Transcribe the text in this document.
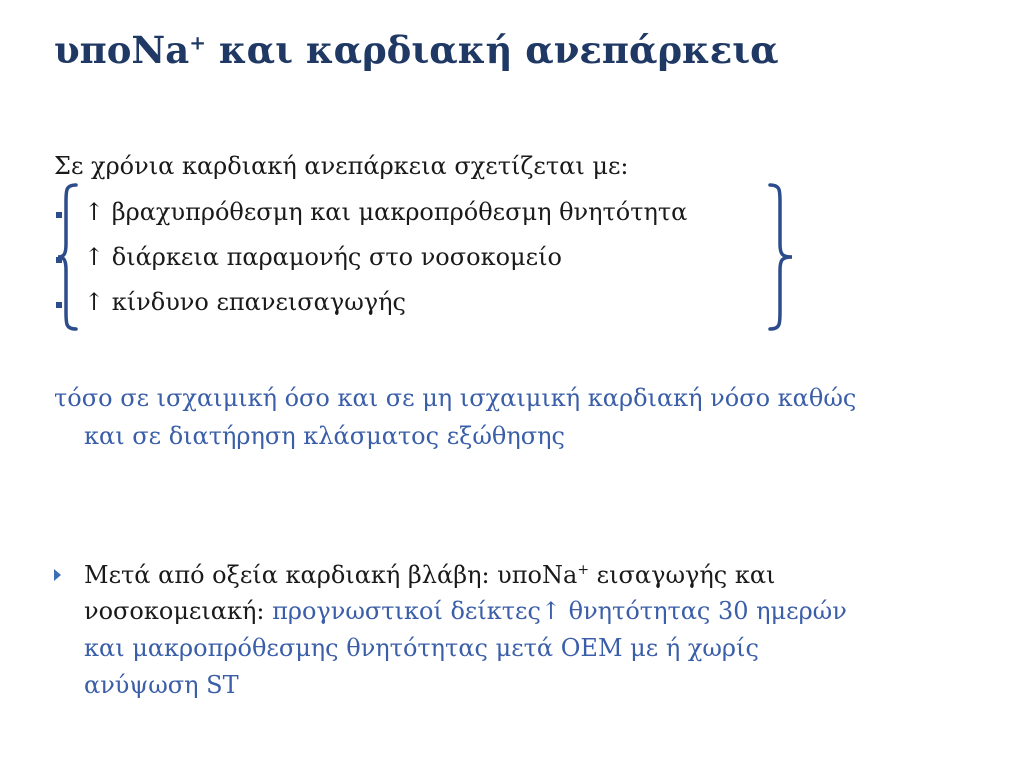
υποNa+ και καρδιακή ανεπάρκεια

Σε χρόνια καρδιακή ανεπάρκεια σχετίζεται με:

↑ βραχυπρόθεσμη και μακροπρόθεσμη θνητότητα

↑ διάρκεια παραμονής στο νοσοκομείο

↑ κίνδυνο επανεισαγωγής

τόσο σε ισχαιμική όσο και σε μη ισχαιμική καρδιακή νόσο καθώς

και σε διατήρηση κλάσματος εξώθησης

Μετά από οξεία καρδιακή βλάβη: υποNa+ εισαγωγής και

νοσοκομειακή: προγνωστικοί δείκτες↑ θνητότητας 30 ημερών

και μακροπρόθεσμης θνητότητας μετά ΟΕΜ με ή χωρίς

ανύψωση ST
